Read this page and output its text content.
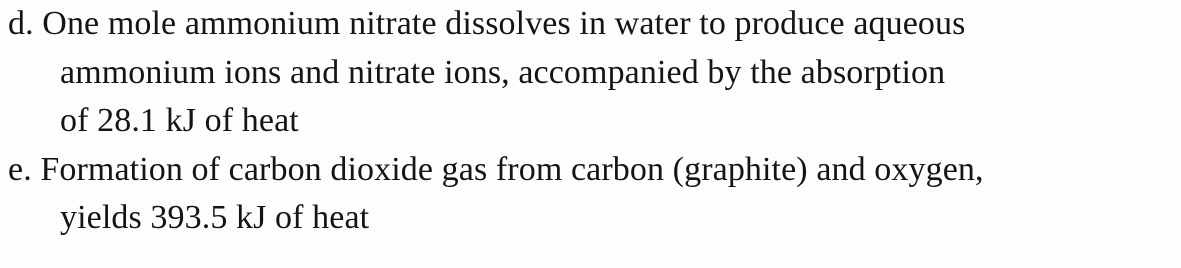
d. One mole ammonium nitrate dissolves in water to produce aqueous
ammonium ions and nitrate ions, accompanied by the absorption
of 28.1 kJ of heat
e. Formation of carbon dioxide gas from carbon (graphite) and oxygen,
yields 393.5 kJ of heat
